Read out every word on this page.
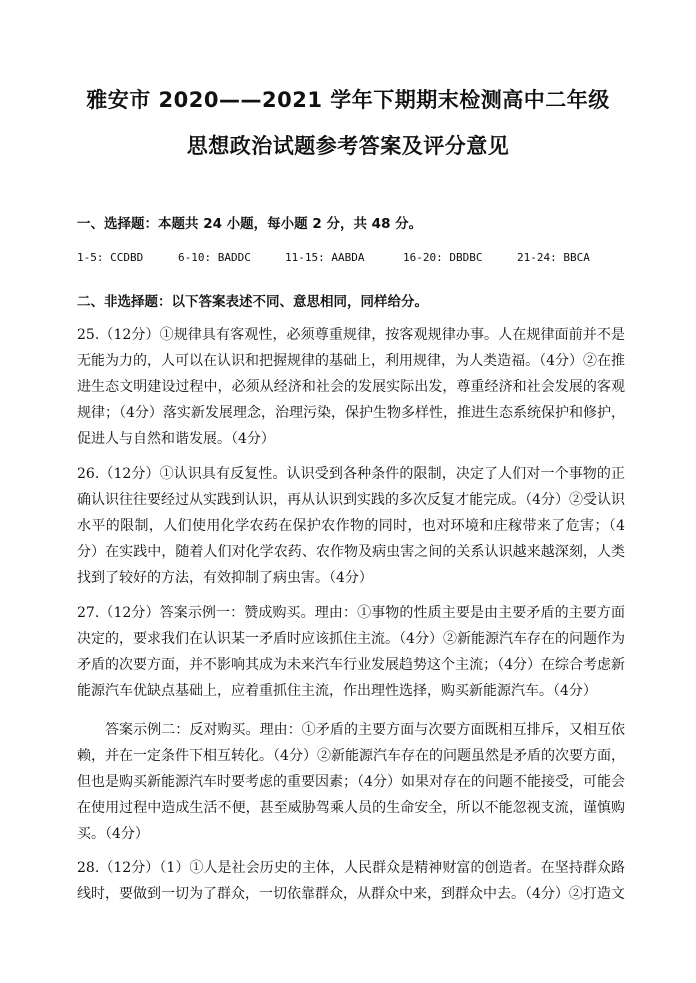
雅安市 2020——2021 学年下期期末检测高中二年级
思想政治试题参考答案及评分意见
一、选择题：本题共 24 小题，每小题 2 分，共 48 分。
1-5: CCDBD	6-10: BADDC	11-15: AABDA	16-20: DBDBC	21-24: BBCA
二、非选择题：以下答案表述不同、意思相同，同样给分。
25.（12分）①规律具有客观性，必须尊重规律，按客观规律办事。人在规律面前并不是无能为力的，人可以在认识和把握规律的基础上，利用规律，为人类造福。（4分）②在推进生态文明建设过程中，必须从经济和社会的发展实际出发，尊重经济和社会发展的客观规律；（4分）落实新发展理念，治理污染，保护生物多样性，推进生态系统保护和修护，促进人与自然和谐发展。（4分）
26.（12分）①认识具有反复性。认识受到各种条件的限制，决定了人们对一个事物的正确认识往往要经过从实践到认识，再从认识到实践的多次反复才能完成。（4分）②受认识水平的限制，人们使用化学农药在保护农作物的同时，也对环境和庄稼带来了危害；（4分）在实践中，随着人们对化学农药、农作物及病虫害之间的关系认识越来越深刻，人类找到了较好的方法，有效抑制了病虫害。（4分）
27.（12分）答案示例一：赞成购买。理由：①事物的性质主要是由主要矛盾的主要方面决定的，要求我们在认识某一矛盾时应该抓住主流。（4分）②新能源汽车存在的问题作为矛盾的次要方面，并不影响其成为未来汽车行业发展趋势这个主流；（4分）在综合考虑新能源汽车优缺点基础上，应着重抓住主流，作出理性选择，购买新能源汽车。（4分）
答案示例二：反对购买。理由：①矛盾的主要方面与次要方面既相互排斥，又相互依赖，并在一定条件下相互转化。（4分）②新能源汽车存在的问题虽然是矛盾的次要方面，但也是购买新能源汽车时要考虑的重要因素；（4分）如果对存在的问题不能接受，可能会在使用过程中造成生活不便，甚至威胁驾乘人员的生命安全，所以不能忽视支流，谨慎购买。（4分）
28.（12分）（1）①人是社会历史的主体，人民群众是精神财富的创造者。在坚持群众路线时，要做到一切为了群众，一切依靠群众，从群众中来，到群众中去。（4分）②打造文
